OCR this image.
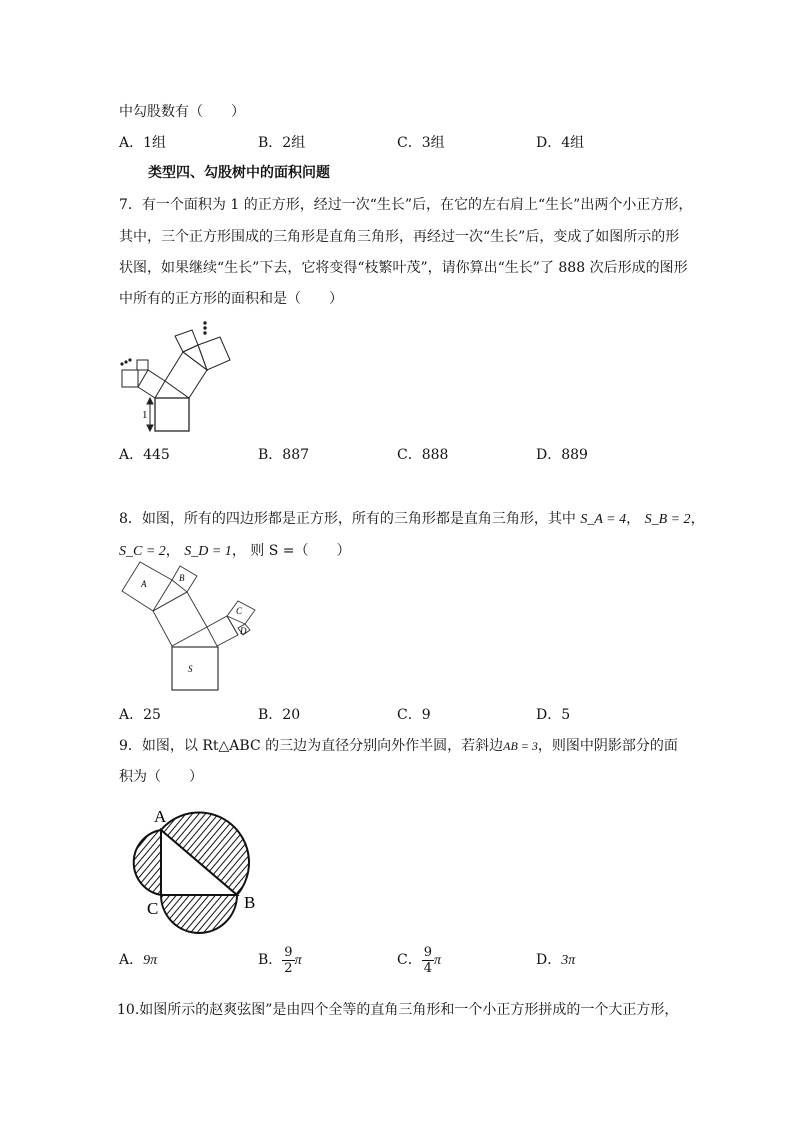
中勾股数有（　　）
A．1组	B．2组	C．3组	D．4组
类型四、勾股树中的面积问题
7．有一个面积为 1 的正方形，经过一次“生长”后，在它的左右肩上“生长”出两个小正方形，
其中，三个正方形围成的三角形是直角三角形，再经过一次“生长”后，变成了如图所示的形
状图，如果继续“生长”下去，它将变得“枝繁叶茂”，请你算出“生长”了 888 次后形成的图形
中所有的正方形的面积和是（　　）
1
A
B
C
D
S
A
C	B
A．445	B．887	C．888	D．889
8．如图，所有的四边形都是正方形，所有的三角形都是直角三角形，其中 S_A = 4， S_B = 2，
S_C = 2， S_D = 1， 则 S =（　　）
A．25	B．20	C．9	D．5
9．如图，以 Rt△ABC 的三边为直径分别向外作半圆，若斜边AB = 3，则图中阴影部分的面
积为（　　）
A．9π	B． $\frac{9}{2}$ π	C． $\frac{9}{4}$ π	D．3π
10.如图所示的赵爽弦图”是由四个全等的直角三角形和一个小正方形拼成的一个大正方形，
